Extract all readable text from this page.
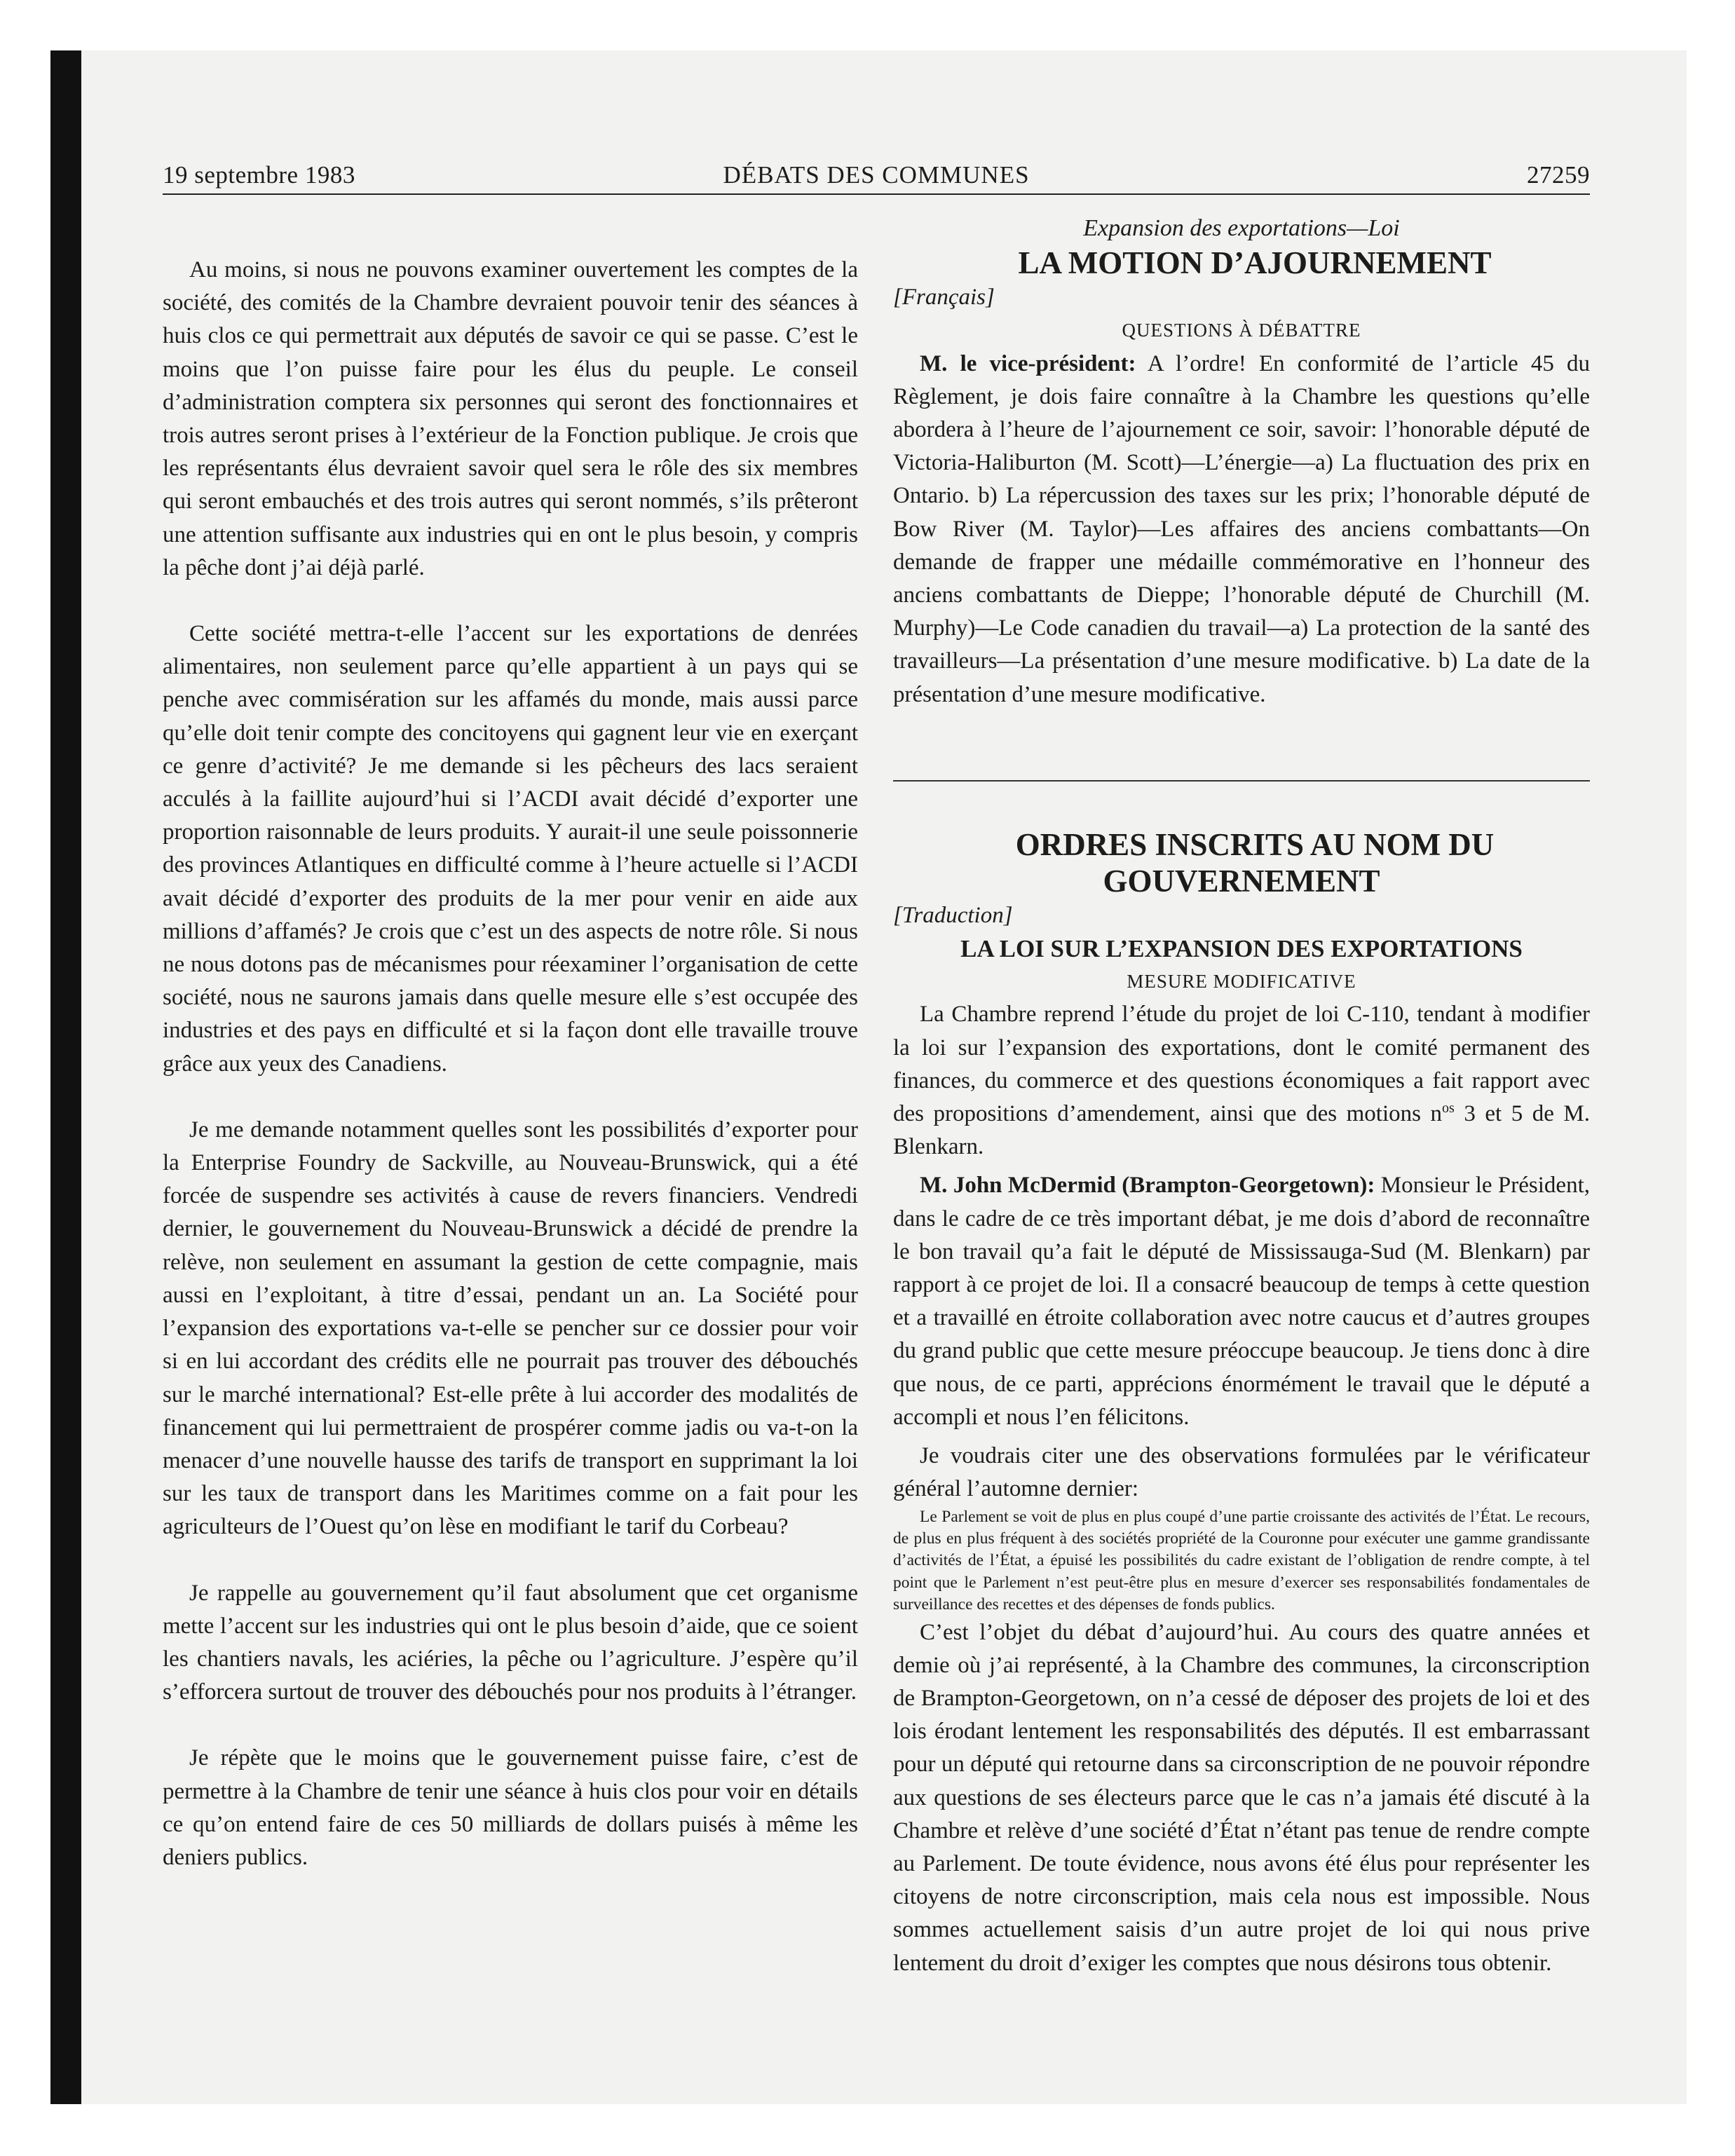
19 septembre 1983	DÉBATS DES COMMUNES	27259

Au moins, si nous ne pouvons examiner ouvertement les comptes de la société, des comités de la Chambre devraient pouvoir tenir des séances à huis clos ce qui permettrait aux députés de savoir ce qui se passe. C’est le moins que l’on puisse faire pour les élus du peuple. Le conseil d’administration comptera six personnes qui seront des fonctionnaires et trois autres seront prises à l’extérieur de la Fonction publique. Je crois que les représentants élus devraient savoir quel sera le rôle des six membres qui seront embauchés et des trois autres qui seront nommés, s’ils prêteront une attention suffisante aux industries qui en ont le plus besoin, y compris la pêche dont j’ai déjà parlé.

Cette société mettra-t-elle l’accent sur les exportations de denrées alimentaires, non seulement parce qu’elle appartient à un pays qui se penche avec commisération sur les affamés du monde, mais aussi parce qu’elle doit tenir compte des concitoyens qui gagnent leur vie en exerçant ce genre d’activité? Je me demande si les pêcheurs des lacs seraient acculés à la faillite aujourd’hui si l’ACDI avait décidé d’exporter une proportion raisonnable de leurs produits. Y aurait-il une seule poissonnerie des provinces Atlantiques en difficulté comme à l’heure actuelle si l’ACDI avait décidé d’exporter des produits de la mer pour venir en aide aux millions d’affamés? Je crois que c’est un des aspects de notre rôle. Si nous ne nous dotons pas de mécanismes pour réexaminer l’organisation de cette société, nous ne saurons jamais dans quelle mesure elle s’est occupée des industries et des pays en difficulté et si la façon dont elle travaille trouve grâce aux yeux des Canadiens.

Je me demande notamment quelles sont les possibilités d’exporter pour la Enterprise Foundry de Sackville, au Nouveau-Brunswick, qui a été forcée de suspendre ses activités à cause de revers financiers. Vendredi dernier, le gouvernement du Nouveau-Brunswick a décidé de prendre la relève, non seulement en assumant la gestion de cette compagnie, mais aussi en l’exploitant, à titre d’essai, pendant un an. La Société pour l’expansion des exportations va-t-elle se pencher sur ce dossier pour voir si en lui accordant des crédits elle ne pourrait pas trouver des débouchés sur le marché international? Est-elle prête à lui accorder des modalités de financement qui lui permettraient de prospérer comme jadis ou va-t-on la menacer d’une nouvelle hausse des tarifs de transport en supprimant la loi sur les taux de transport dans les Maritimes comme on a fait pour les agriculteurs de l’Ouest qu’on lèse en modifiant le tarif du Corbeau?

Je rappelle au gouvernement qu’il faut absolument que cet organisme mette l’accent sur les industries qui ont le plus besoin d’aide, que ce soient les chantiers navals, les aciéries, la pêche ou l’agriculture. J’espère qu’il s’efforcera surtout de trouver des débouchés pour nos produits à l’étranger.

Je répète que le moins que le gouvernement puisse faire, c’est de permettre à la Chambre de tenir une séance à huis clos pour voir en détails ce qu’on entend faire de ces 50 milliards de dollars puisés à même les deniers publics.

Expansion des exportations—Loi

LA MOTION D’AJOURNEMENT

[Français]

QUESTIONS À DÉBATTRE

M. le vice-président: A l’ordre! En conformité de l’article 45 du Règlement, je dois faire connaître à la Chambre les questions qu’elle abordera à l’heure de l’ajournement ce soir, savoir: l’honorable député de Victoria-Haliburton (M. Scott)—L’énergie—a) La fluctuation des prix en Ontario. b) La répercussion des taxes sur les prix; l’honorable député de Bow River (M. Taylor)—Les affaires des anciens combattants—On demande de frapper une médaille commémorative en l’honneur des anciens combattants de Dieppe; l’honorable député de Churchill (M. Murphy)—Le Code canadien du travail—a) La protection de la santé des travailleurs—La présentation d’une mesure modificative. b) La date de la présentation d’une mesure modificative.

ORDRES INSCRITS AU NOM DU GOUVERNEMENT

[Traduction]

LA LOI SUR L’EXPANSION DES EXPORTATIONS

MESURE MODIFICATIVE

La Chambre reprend l’étude du projet de loi C-110, tendant à modifier la loi sur l’expansion des exportations, dont le comité permanent des finances, du commerce et des questions économiques a fait rapport avec des propositions d’amendement, ainsi que des motions $n^{os}$ 3 et 5 de M. Blenkarn.

M. John McDermid (Brampton-Georgetown): Monsieur le Président, dans le cadre de ce très important débat, je me dois d’abord de reconnaître le bon travail qu’a fait le député de Mississauga-Sud (M. Blenkarn) par rapport à ce projet de loi. Il a consacré beaucoup de temps à cette question et a travaillé en étroite collaboration avec notre caucus et d’autres groupes du grand public que cette mesure préoccupe beaucoup. Je tiens donc à dire que nous, de ce parti, apprécions énormément le travail que le député a accompli et nous l’en félicitons.

Je voudrais citer une des observations formulées par le vérificateur général l’automne dernier:

Le Parlement se voit de plus en plus coupé d’une partie croissante des activités de l’État. Le recours, de plus en plus fréquent à des sociétés propriété de la Couronne pour exécuter une gamme grandissante d’activités de l’État, a épuisé les possibilités du cadre existant de l’obligation de rendre compte, à tel point que le Parlement n’est peut-être plus en mesure d’exercer ses responsabilités fondamentales de surveillance des recettes et des dépenses de fonds publics.

C’est l’objet du débat d’aujourd’hui. Au cours des quatre années et demie où j’ai représenté, à la Chambre des communes, la circonscription de Brampton-Georgetown, on n’a cessé de déposer des projets de loi et des lois érodant lentement les responsabilités des députés. Il est embarrassant pour un député qui retourne dans sa circonscription de ne pouvoir répondre aux questions de ses électeurs parce que le cas n’a jamais été discuté à la Chambre et relève d’une société d’État n’étant pas tenue de rendre compte au Parlement. De toute évidence, nous avons été élus pour représenter les citoyens de notre circonscription, mais cela nous est impossible. Nous sommes actuellement saisis d’un autre projet de loi qui nous prive lentement du droit d’exiger les comptes que nous désirons tous obtenir.
